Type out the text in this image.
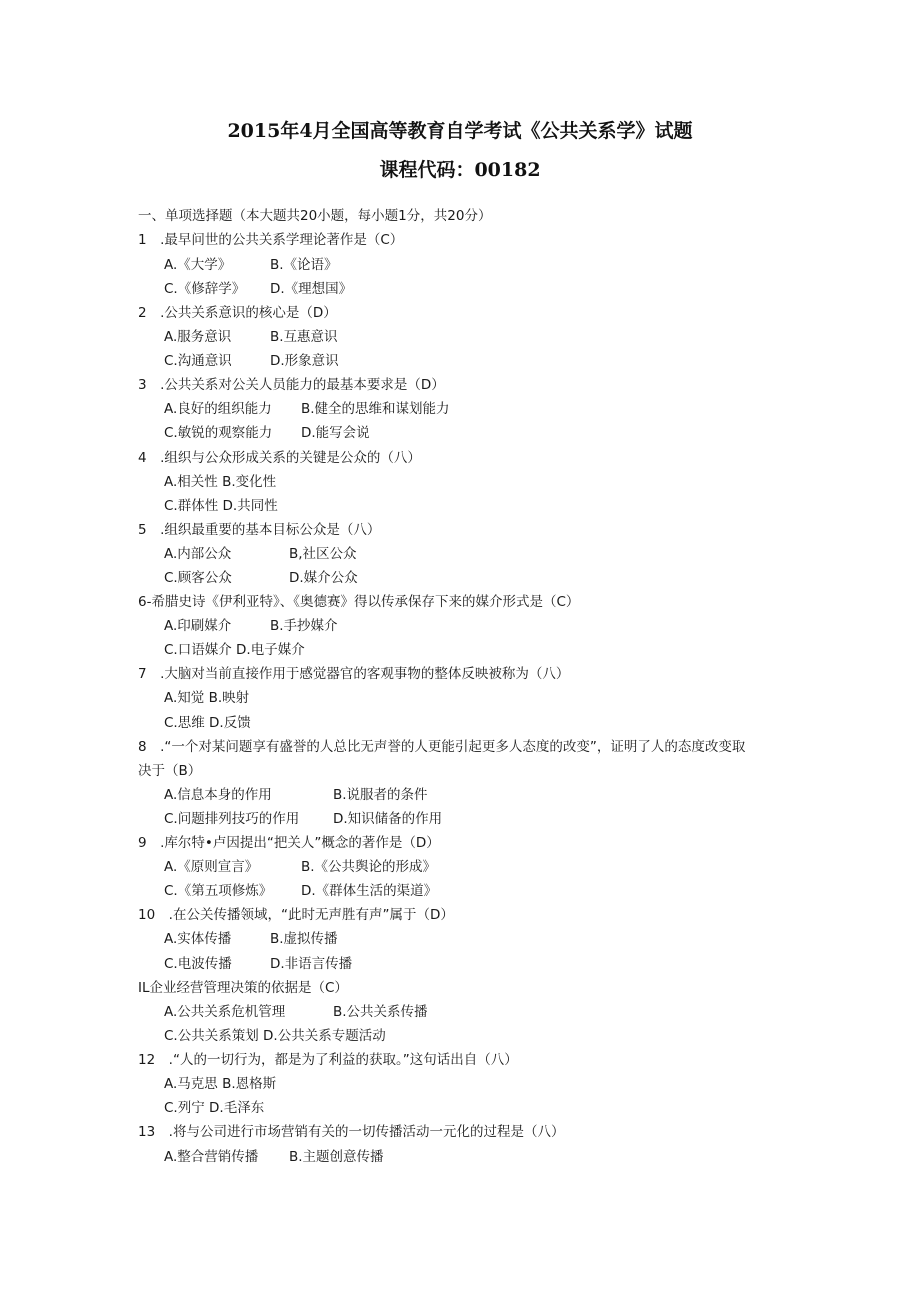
2015年4月全国高等教育自学考试《公共关系学》试题
课程代码：00182
一、单项选择题（本大题共20小题，每小题1分，共20分）
1　.最早问世的公共关系学理论著作是（C）
A.《大学》	B.《论语》
C.《修辞学》 D.《理想国》
2　.公共关系意识的核心是（D）
A.服务意识	B.互惠意识
C.沟通意识	D.形象意识
3　.公共关系对公关人员能力的最基本要求是（D）
A.良好的组织能力 B.健全的思维和谋划能力
C.敏锐的观察能力 D.能写会说
4　.组织与公众形成关系的关键是公众的（八）
A.相关性 B.变化性
C.群体性 D.共同性
5　.组织最重要的基本目标公众是（八）
A.内部公众	B,社区公众
C.顾客公众	D.媒介公众
6-希腊史诗《伊利亚特》、《奥德赛》得以传承保存下来的媒介形式是（C）
A.印刷媒介	B.手抄媒介
C.口语媒介 D.电子媒介
7　.大脑对当前直接作用于感觉器官的客观事物的整体反映被称为（八）
A.知觉 B.映射
C.思维 D.反馈
8　.“一个对某问题享有盛誉的人总比无声誉的人更能引起更多人态度的改变”，证明了人的态度改变取
决于（B）
A.信息本身的作用	B.说服者的条件
C.问题排列技巧的作用	D.知识储备的作用
9　.库尔特•卢因提出“把关人”概念的著作是（D）
A.《原则宣言》	B.《公共舆论的形成》
C.《第五项修炼》 D.《群体生活的渠道》
10　.在公关传播领域，“此时无声胜有声”属于（D）
A.实体传播	B.虚拟传播
C.电波传播	D.非语言传播
IL企业经营管理决策的依据是（C）
A.公共关系危机管理	B.公共关系传播
C.公共关系策划 D.公共关系专题活动
12　.“人的一切行为，都是为了利益的获取。”这句话出自（八）
A.马克思 B.恩格斯
C.列宁 D.毛泽东
13　.将与公司进行市场营销有关的一切传播活动一元化的过程是（八）
A.整合营销传播 B.主题创意传播
